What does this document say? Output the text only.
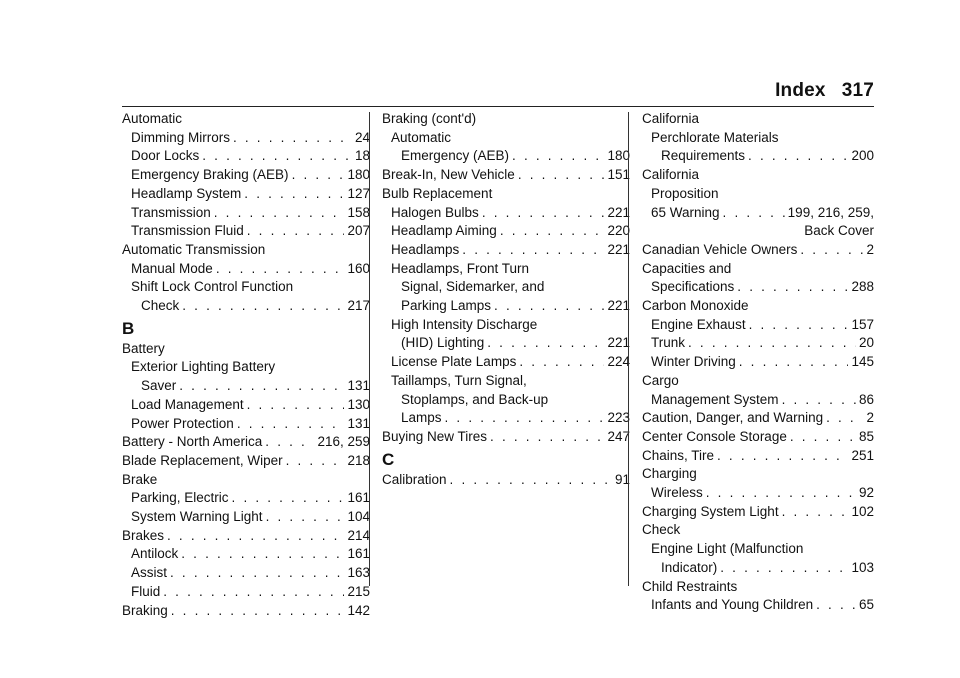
Index 317
Automatic
Dimming Mirrors . . .	24
Door Locks . . .	18
Emergency Braking (AEB) . . .	180
Headlamp System . . .	127
Transmission . . .	158
Transmission Fluid . . .	207
Automatic Transmission
Manual Mode . . .	160
Shift Lock Control Function
Check . . .	217
B
Battery
Exterior Lighting Battery
Saver . . .	131
Load Management . . .	130
Power Protection . . .	131
Battery - North America . . .	216, 259
Blade Replacement, Wiper . . .	218
Brake
Parking, Electric . . .	161
System Warning Light . . .	104
Brakes . . .	214
Antilock . . .	161
Assist . . .	163
Fluid . . .	215
Braking . . .	142
Braking (cont'd)
Automatic
Emergency (AEB) . . .	180
Break-In, New Vehicle . . .	151
Bulb Replacement
Halogen Bulbs . . .	221
Headlamp Aiming . . .	220
Headlamps . . .	221
Headlamps, Front Turn
Signal, Sidemarker, and
Parking Lamps . . .	221
High Intensity Discharge
(HID) Lighting . . .	221
License Plate Lamps . . .	224
Taillamps, Turn Signal,
Stoplamps, and Back-up
Lamps . . .	223
Buying New Tires . . .	247
C
Calibration . . .	91
California
Perchlorate Materials
Requirements . . .	200
California
Proposition
65 Warning . . .	199, 216, 259,
Back Cover
Canadian Vehicle Owners . . .	2
Capacities and
Specifications . . .	288
Carbon Monoxide
Engine Exhaust . . .	157
Trunk . . .	20
Winter Driving . . .	145
Cargo
Management System . . .	86
Caution, Danger, and Warning . . .	2
Center Console Storage . . .	85
Chains, Tire . . .	251
Charging
Wireless . . .	92
Charging System Light . . .	102
Check
Engine Light (Malfunction
Indicator) . . .	103
Child Restraints
Infants and Young Children . . .	65
